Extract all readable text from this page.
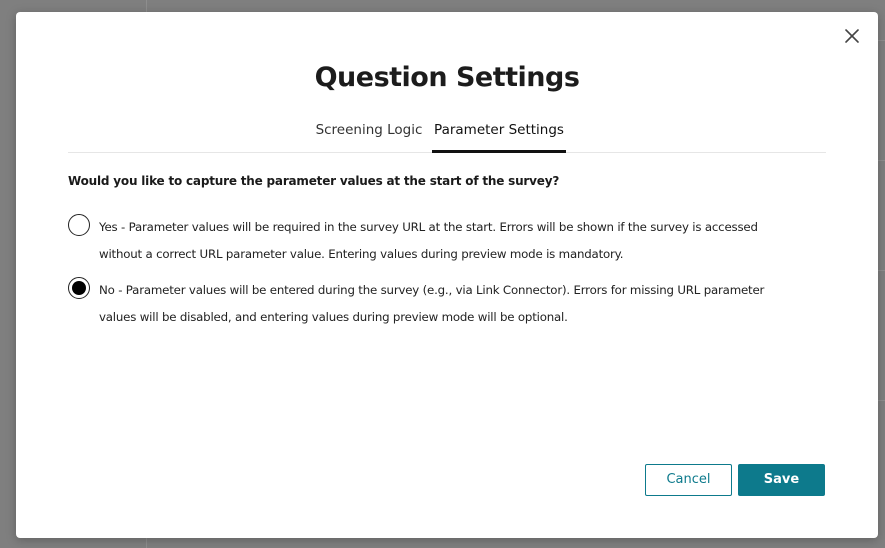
Question Settings
Screening Logic Parameter Settings
Would you like to capture the parameter values at the start of the survey?
Yes - Parameter values will be required in the survey URL at the start. Errors will be shown if the survey is accessed without a correct URL parameter value. Entering values during preview mode is mandatory.
No - Parameter values will be entered during the survey (e.g., via Link Connector). Errors for missing URL parameter values will be disabled, and entering values during preview mode will be optional.
Cancel	Save
